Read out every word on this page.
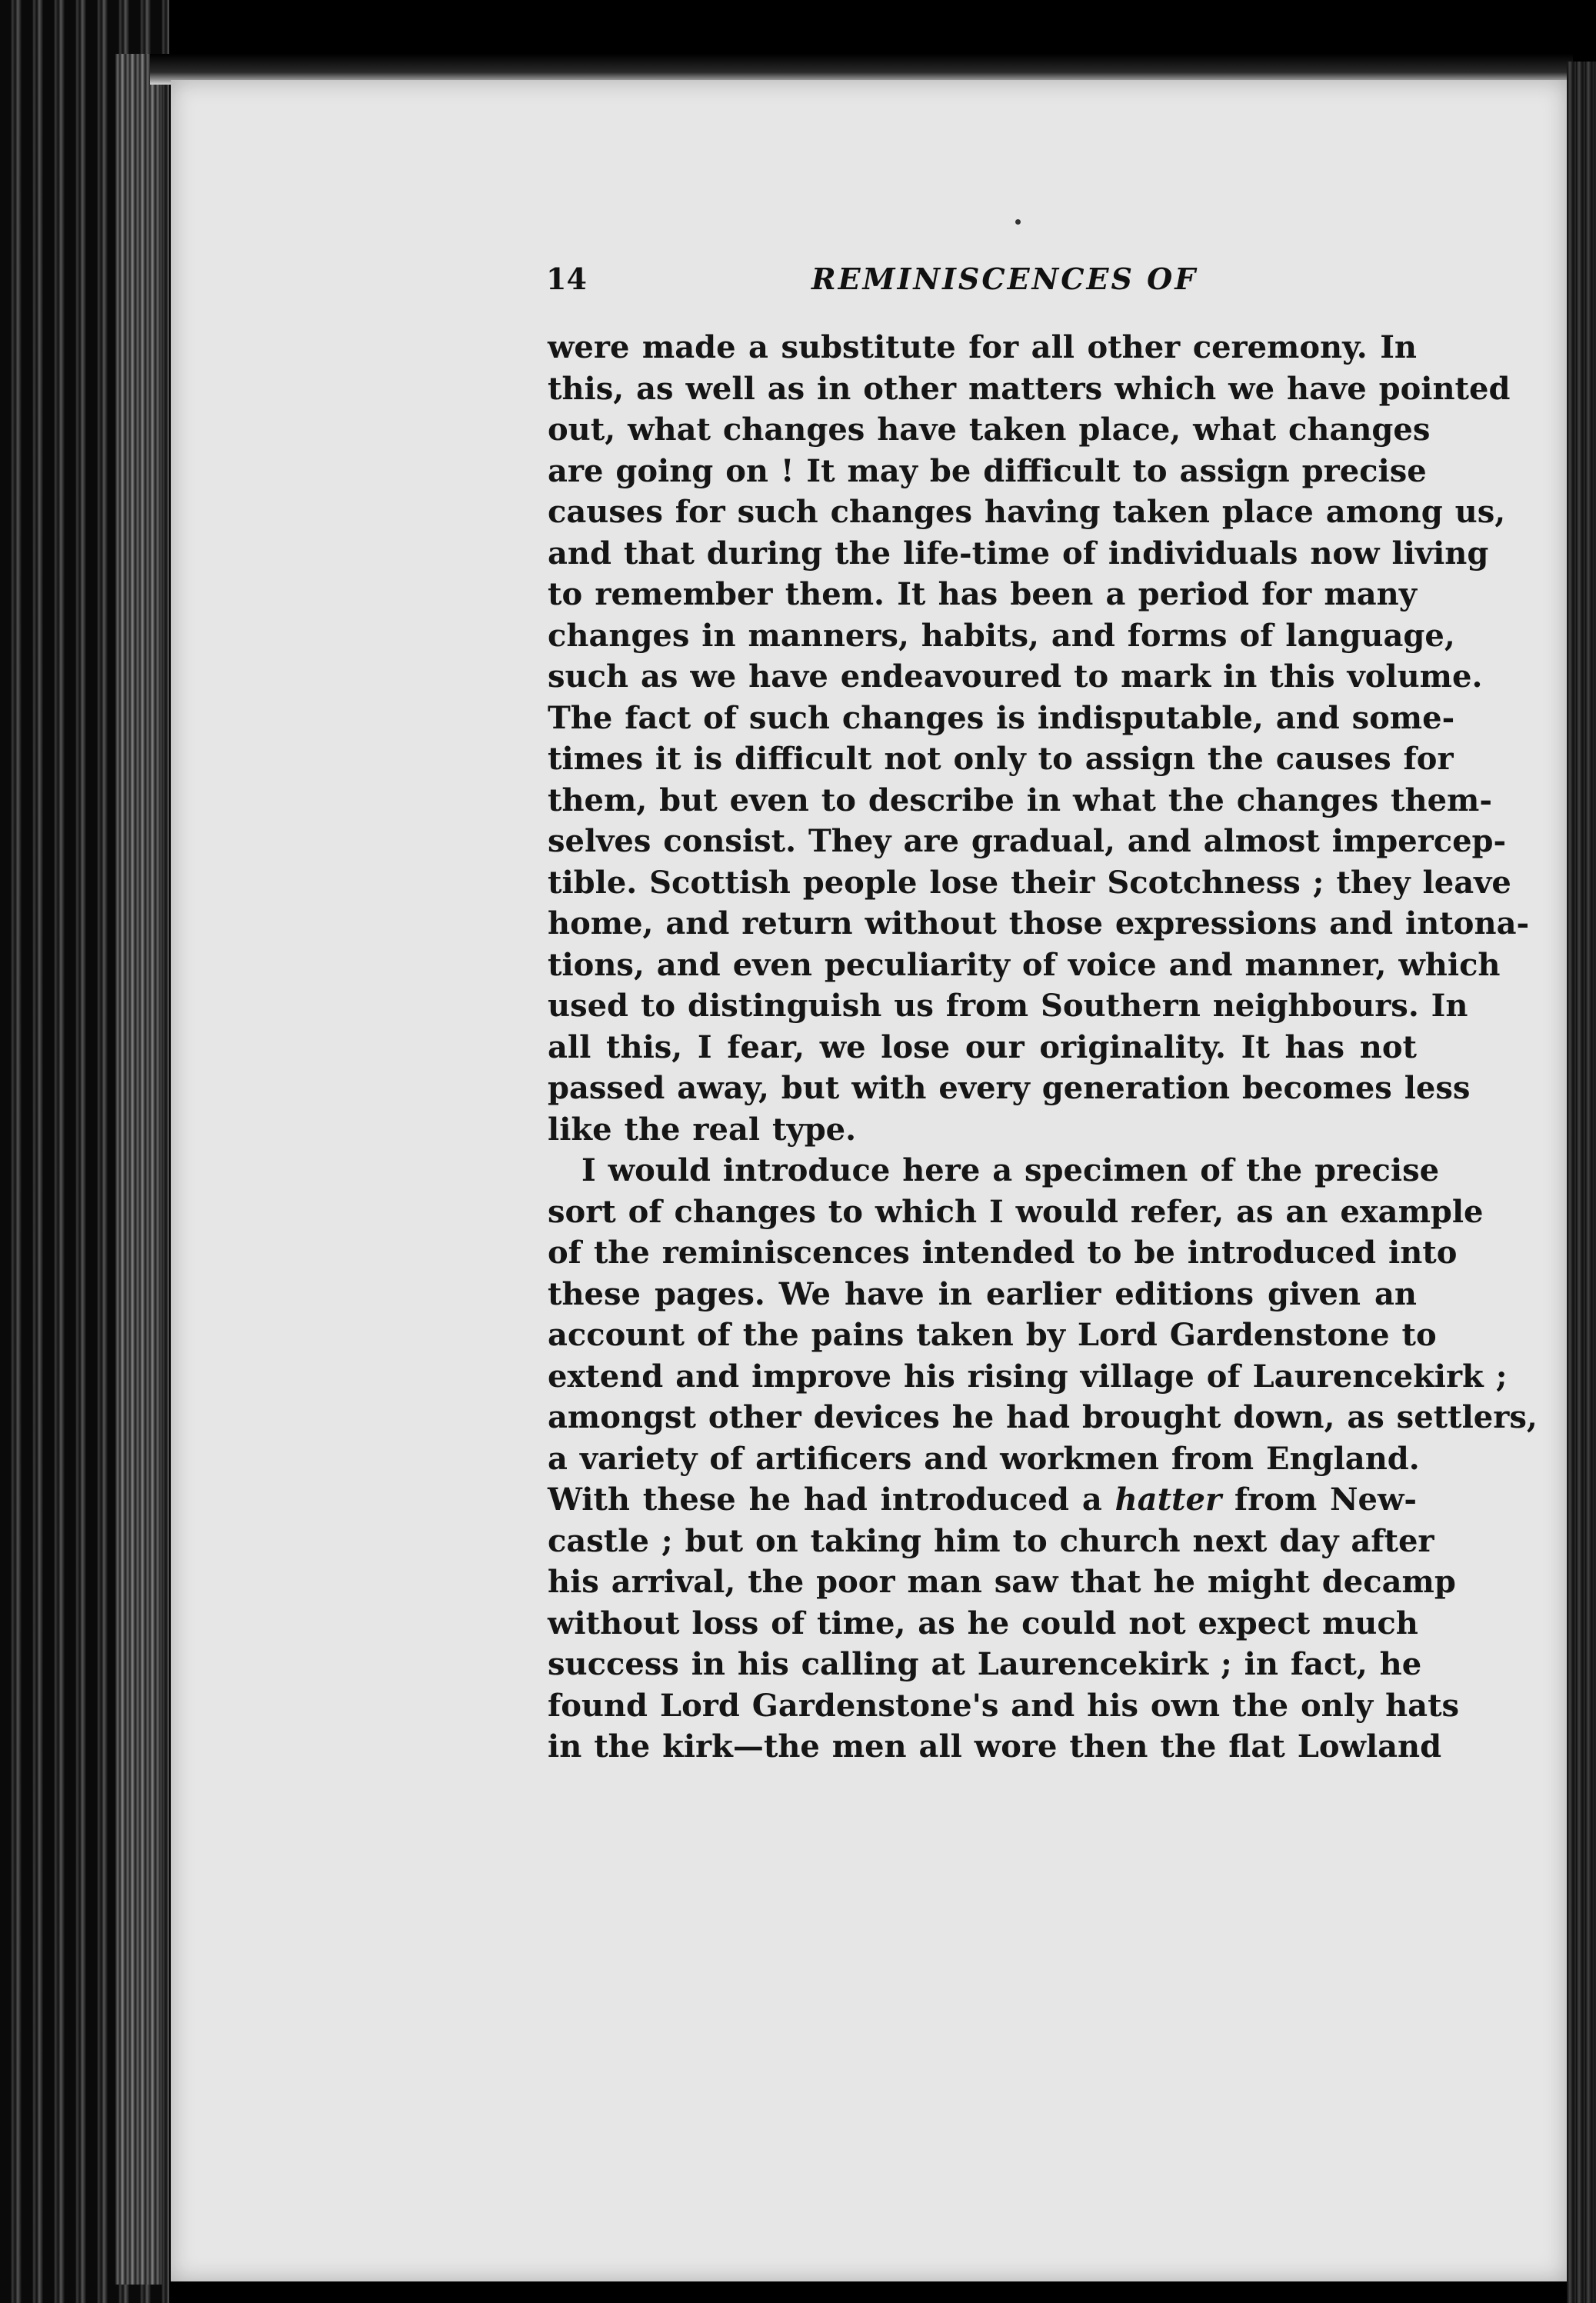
14	REMINISCENCES OF
were made a substitute for all other ceremony. In
this, as well as in other matters which we have pointed
out, what changes have taken place, what changes
are going on ! It may be difficult to assign precise
causes for such changes having taken place among us,
and that during the life-time of individuals now living
to remember them. It has been a period for many
changes in manners, habits, and forms of language,
such as we have endeavoured to mark in this volume.
The fact of such changes is indisputable, and some-
times it is difficult not only to assign the causes for
them, but even to describe in what the changes them-
selves consist. They are gradual, and almost impercep-
tible. Scottish people lose their Scotchness ; they leave
home, and return without those expressions and intona-
tions, and even peculiarity of voice and manner, which
used to distinguish us from Southern neighbours. In
all this, I fear, we lose our originality. It has not
passed away, but with every generation becomes less
like the real type.
I would introduce here a specimen of the precise
sort of changes to which I would refer, as an example
of the reminiscences intended to be introduced into
these pages. We have in earlier editions given an
account of the pains taken by Lord Gardenstone to
extend and improve his rising village of Laurencekirk ;
amongst other devices he had brought down, as settlers,
a variety of artificers and workmen from England.
With these he had introduced a hatter from New-
castle ; but on taking him to church next day after
his arrival, the poor man saw that he might decamp
without loss of time, as he could not expect much
success in his calling at Laurencekirk ; in fact, he
found Lord Gardenstone's and his own the only hats
in the kirk—the men all wore then the flat Lowland
